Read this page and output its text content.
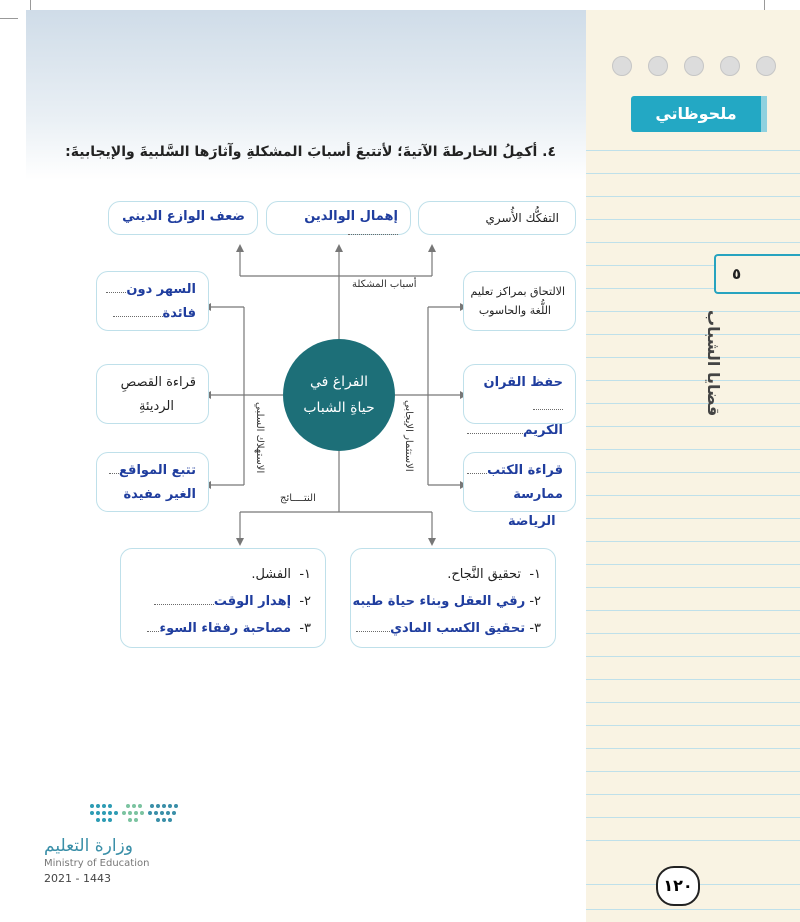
ملحوظاتي
٥
قضايا الشباب
١٢٠
٤. أكمِلُ الخارطةَ الآتيةَ؛ لأتتبعَ أسبابَ المشكلةِ وآثارَها السَّلبيةَ والإيجابيةَ:
أسباب المشكلة
الاستهلاك السلبي	الاستثمار الإيجابي
النتــــائج
الفراغ في
حياةِ الشباب
التفكُّك الأُسري
إهمال الوالدين
ضعف الوازع الديني
الالتحاق بمراكز تعليم
اللُّغة والحاسوب
حفظ القران
الكريم
قراءة الكتب
ممارسة
الرياضة
السهر دون
فائدة
قراءة القصصِ
الرديئةِ
تتبع المواقع
الغير مفيدة
١-  تحقيق النَّجاح.
٢- رقي العقل وبناء حياة طيبه
٣- تحقيق الكسب المادي
١-  الفشل.
٢-  إهدار الوقت
٣-  مصاحبة رفقاء السوء
وزارة التعليم
Ministry of Education
2021 - 1443
